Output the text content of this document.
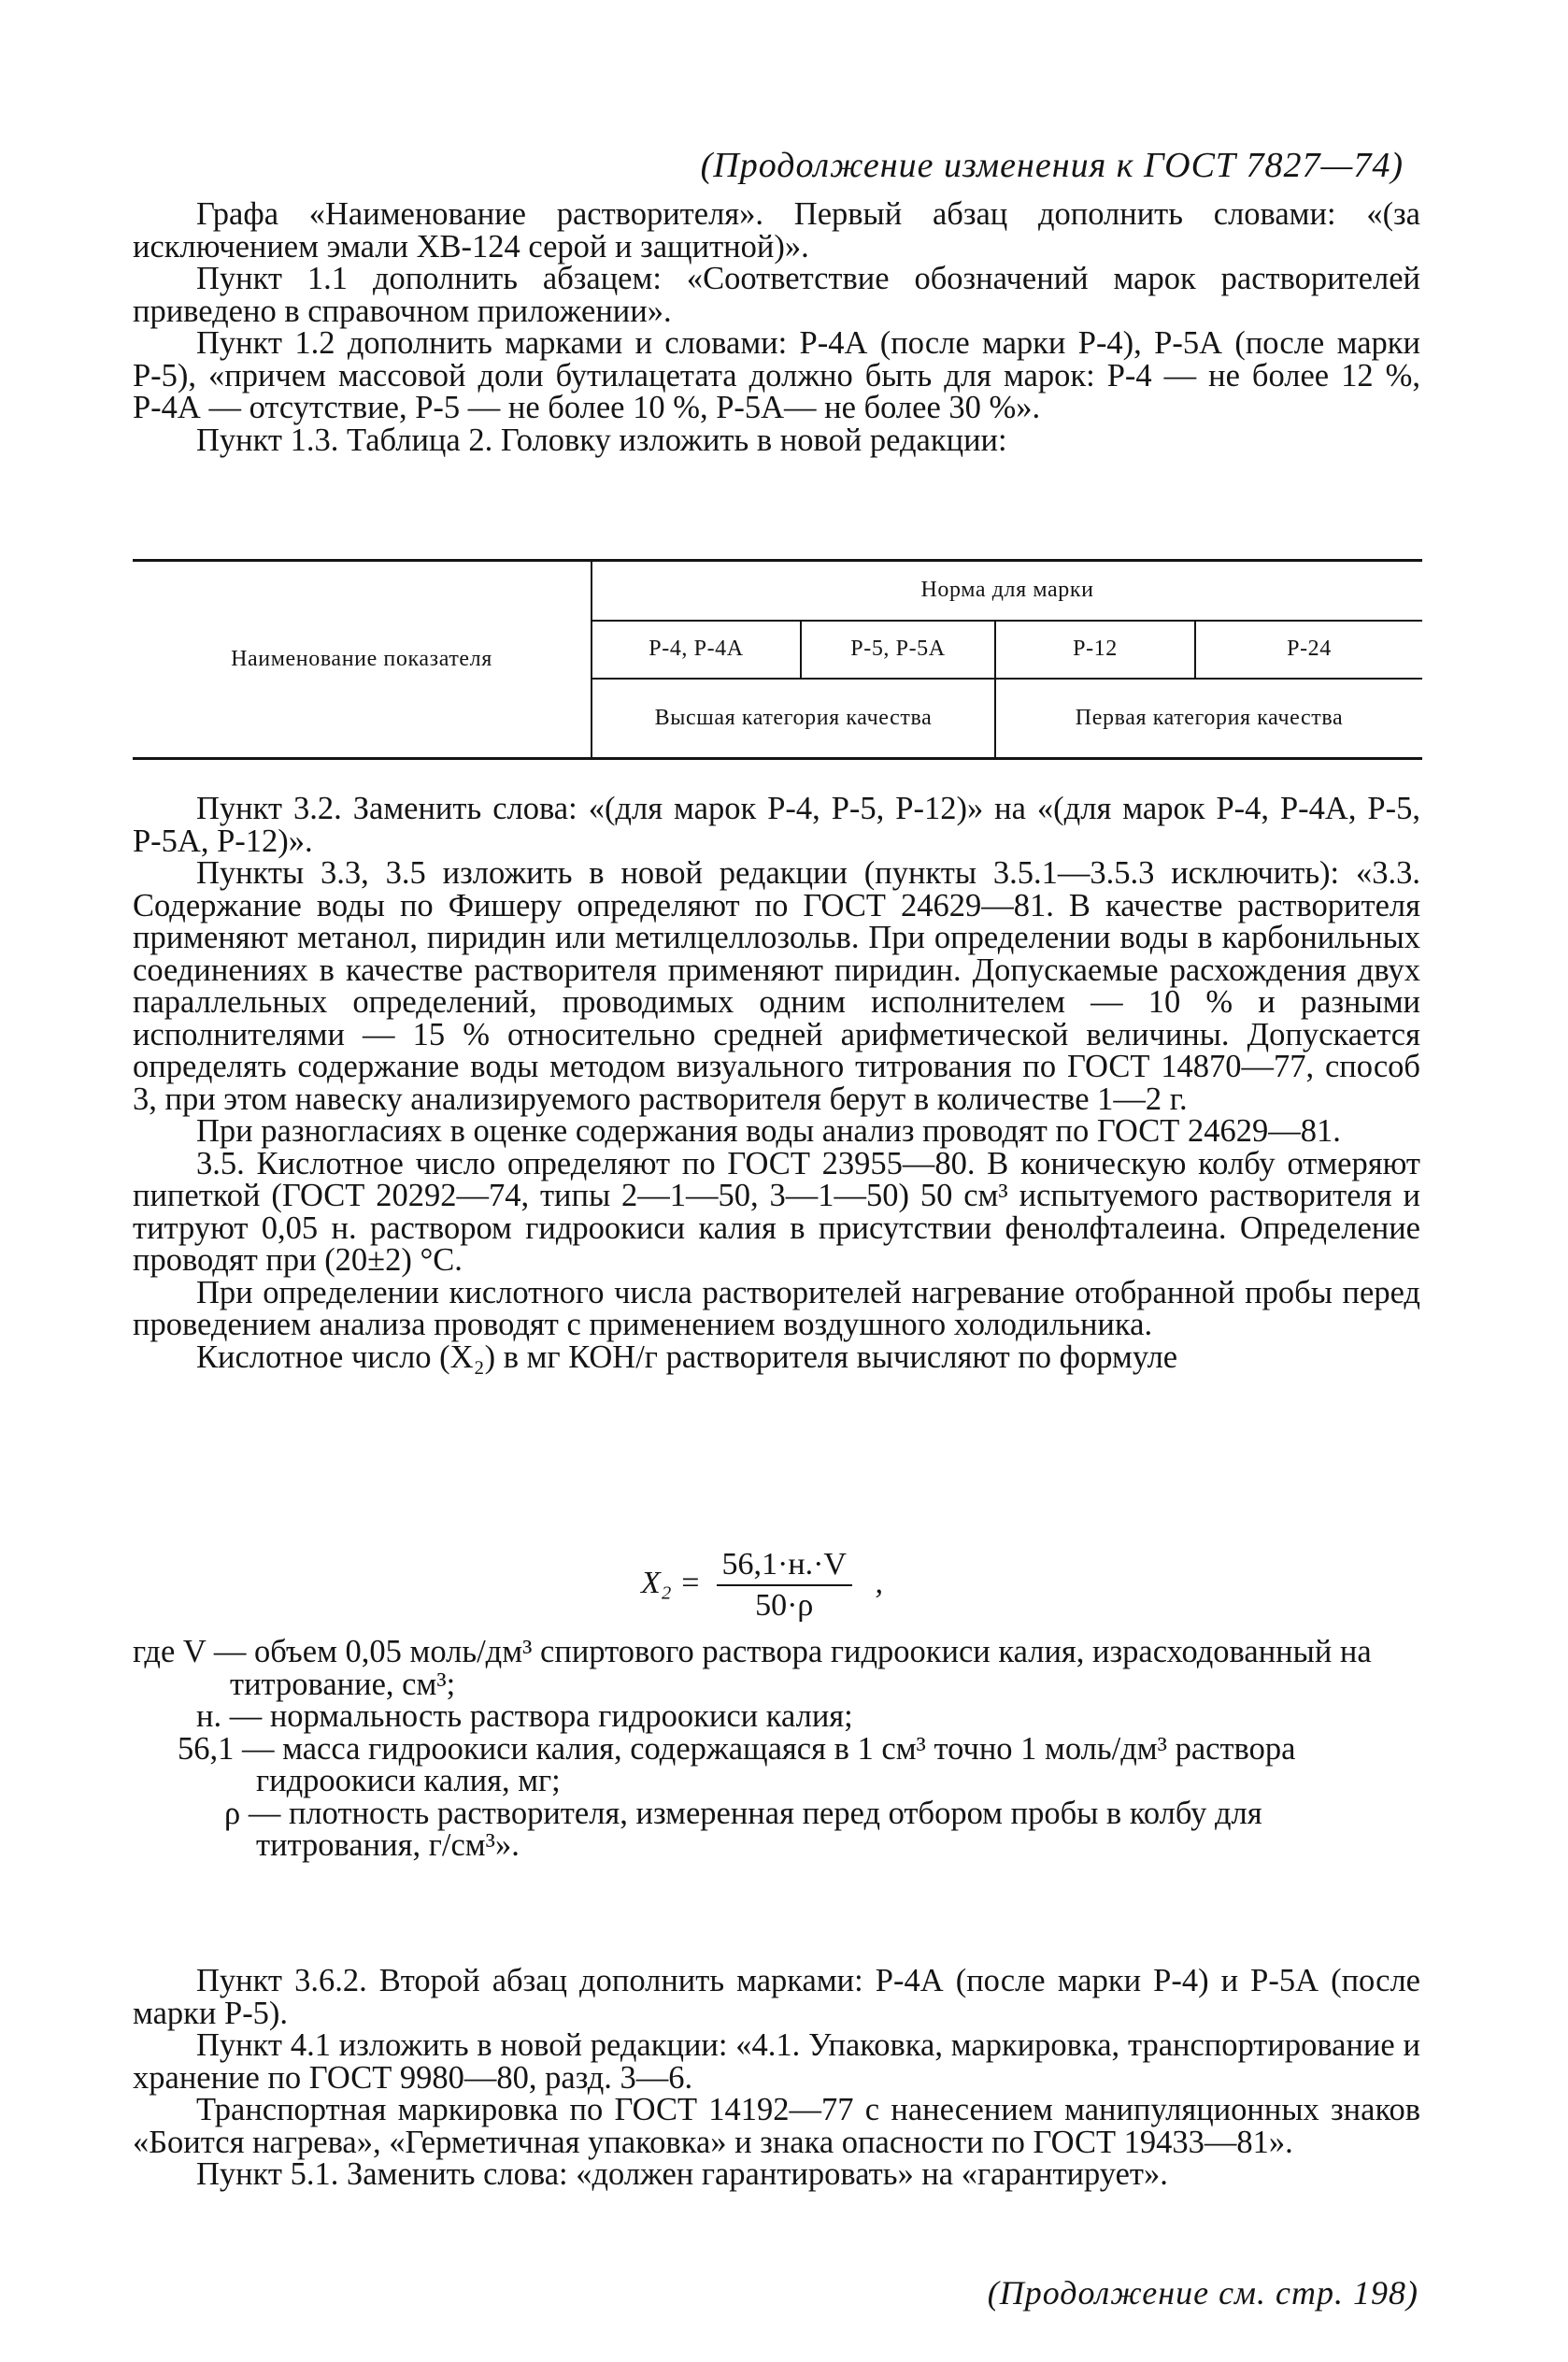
(Продолжение изменения к ГОСТ 7827—74)

Графа «Наименование растворителя». Первый абзац дополнить словами: «(за исключением эмали ХВ-124 серой и защитной)».

Пункт 1.1 дополнить абзацем: «Соответствие обозначений марок растворителей приведено в справочном приложении».

Пункт 1.2 дополнить марками и словами: Р-4А (после марки Р-4), Р-5А (после марки Р-5), «причем массовой доли бутилацетата должно быть для марок: Р-4 — не более 12 %, Р-4А — отсутствие, Р-5 — не более 10 %, Р-5А— не более 30 %».

Пункт 1.3. Таблица 2. Головку изложить в новой редакции:

Наименование показателя	Норма для марки			
	Р-4, Р-4А	Р-5, Р-5А	Р-12	Р-24
	Высшая категория качества		Первая категория качества	

Пункт 3.2. Заменить слова: «(для марок Р-4, Р-5, Р-12)» на «(для марок Р-4, Р-4А, Р-5, Р-5А, Р-12)».

Пункты 3.3, 3.5 изложить в новой редакции (пункты 3.5.1—3.5.3 исключить): «3.3. Содержание воды по Фишеру определяют по ГОСТ 24629—81. В качестве растворителя применяют метанол, пиридин или метилцеллозольв. При определении воды в карбонильных соединениях в качестве растворителя применяют пиридин. Допускаемые расхождения двух параллельных определений, проводимых одним исполнителем — 10 % и разными исполнителями — 15 % относительно средней арифметической величины. Допускается определять содержание воды методом визуального титрования по ГОСТ 14870—77, способ 3, при этом навеску анализируемого растворителя берут в количестве 1—2 г.

При разногласиях в оценке содержания воды анализ проводят по ГОСТ 24629—81.

3.5. Кислотное число определяют по ГОСТ 23955—80. В коническую колбу отмеряют пипеткой (ГОСТ 20292—74, типы 2—1—50, 3—1—50) 50 см³ испытуемого растворителя и титруют 0,05 н. раствором гидроокиси калия в присутствии фенолфталеина. Определение проводят при (20±2) °С.

При определении кислотного числа растворителей нагревание отобранной пробы перед проведением анализа проводят с применением воздушного холодильника.

Кислотное число (X₂) в мг КОН/г растворителя вычисляют по формуле

$X_2 = \frac{56,1\cdot н.\cdot V}{50\cdot\rho}$ ,
где V — объем 0,05 моль/дм³ спиртового раствора гидроокиси калия, израсходованный на титрование, см³;
н. — нормальность раствора гидроокиси калия;
56,1 — масса гидроокиси калия, содержащаяся в 1 см³ точно 1 моль/дм³ раствора гидроокиси калия, мг;
ρ — плотность растворителя, измеренная перед отбором пробы в колбу для титрования, г/см³».

Пункт 3.6.2. Второй абзац дополнить марками: Р-4А (после марки Р-4) и Р-5А (после марки Р-5).

Пункт 4.1 изложить в новой редакции: «4.1. Упаковка, маркировка, транспортирование и хранение по ГОСТ 9980—80, разд. 3—6.

Транспортная маркировка по ГОСТ 14192—77 с нанесением манипуляционных знаков «Боится нагрева», «Герметичная упаковка» и знака опасности по ГОСТ 19433—81».

Пункт 5.1. Заменить слова: «должен гарантировать» на «гарантирует».

(Продолжение см. стр. 198)
